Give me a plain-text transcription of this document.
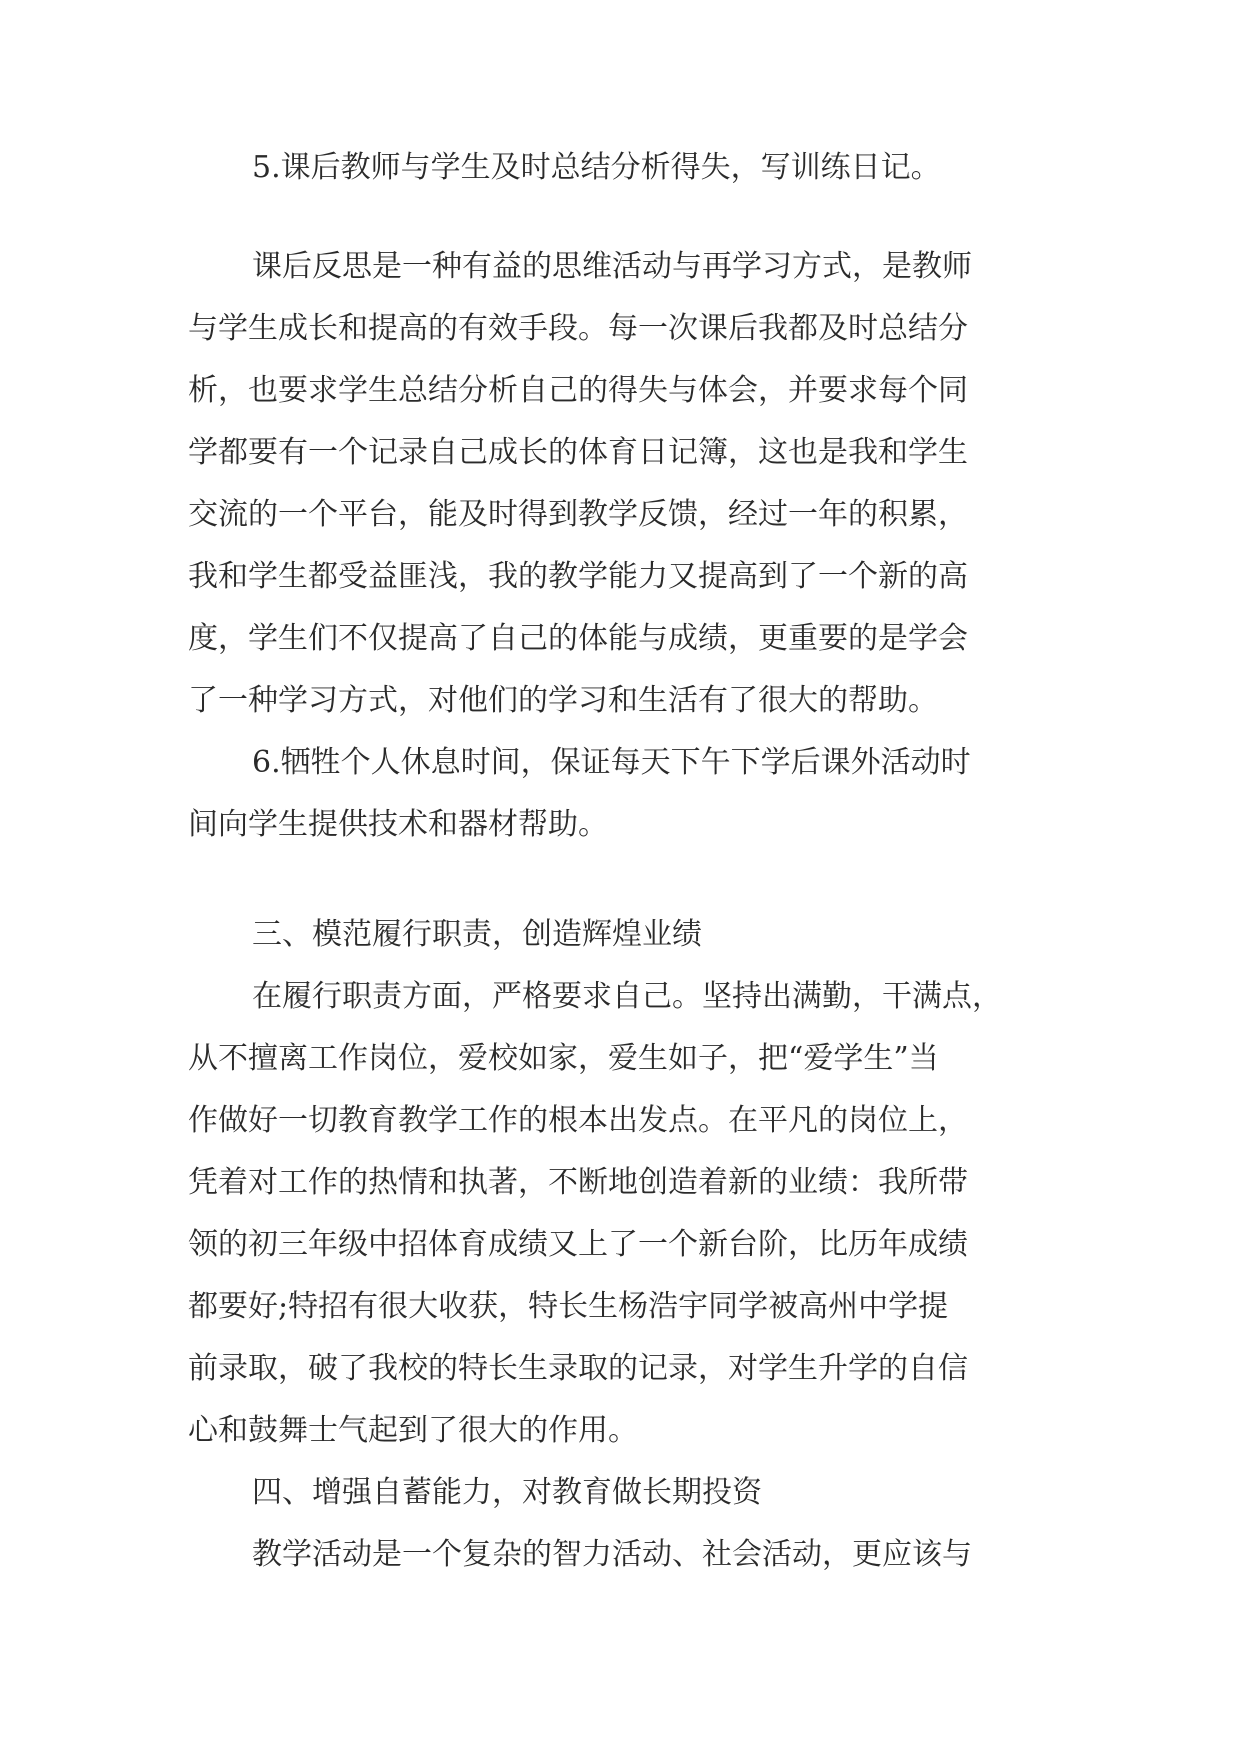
5.课后教师与学生及时总结分析得失，写训练日记。
课后反思是一种有益的思维活动与再学习方式，是教师
与学生成长和提高的有效手段。每一次课后我都及时总结分
析，也要求学生总结分析自己的得失与体会，并要求每个同
学都要有一个记录自己成长的体育日记簿，这也是我和学生
交流的一个平台，能及时得到教学反馈，经过一年的积累，
我和学生都受益匪浅，我的教学能力又提高到了一个新的高
度，学生们不仅提高了自己的体能与成绩，更重要的是学会
了一种学习方式，对他们的学习和生活有了很大的帮助。
6.牺牲个人休息时间，保证每天下午下学后课外活动时
间向学生提供技术和器材帮助。
三、模范履行职责，创造辉煌业绩
在履行职责方面，严格要求自己。坚持出满勤，干满点，
从不擅离工作岗位，爱校如家，爱生如子，把“爱学生”当
作做好一切教育教学工作的根本出发点。在平凡的岗位上，
凭着对工作的热情和执著，不断地创造着新的业绩：我所带
领的初三年级中招体育成绩又上了一个新台阶，比历年成绩
都要好;特招有很大收获，特长生杨浩宇同学被高州中学提
前录取，破了我校的特长生录取的记录，对学生升学的自信
心和鼓舞士气起到了很大的作用。
四、增强自蓄能力，对教育做长期投资
教学活动是一个复杂的智力活动、社会活动，更应该与
